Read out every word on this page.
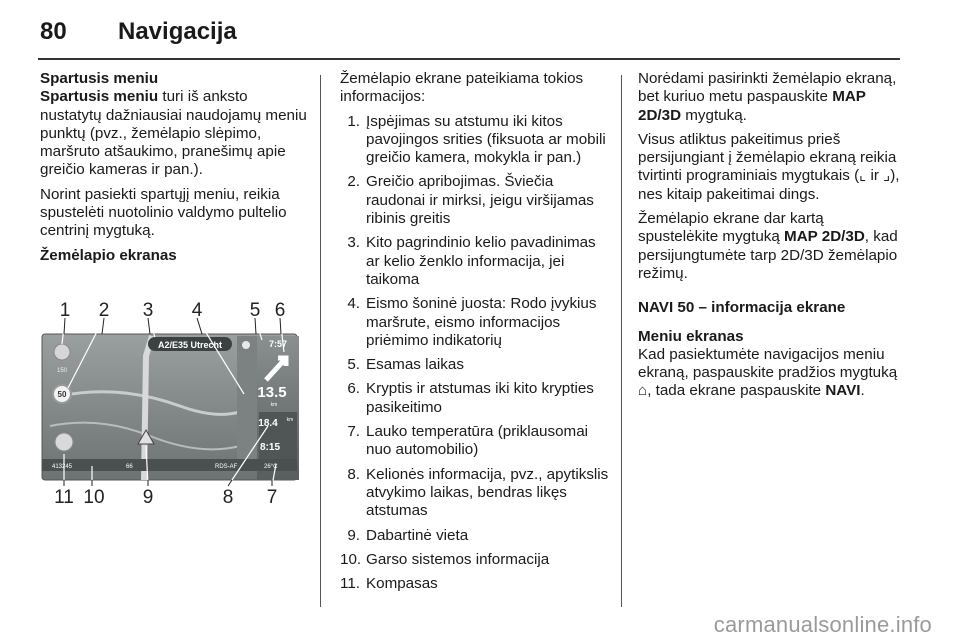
80 Navigacija

Spartusis meniu

Spartusis meniu turi iš anksto nustatytų dažniausiai naudojamų meniu punktų (pvz., žemėlapio slėpimo, maršruto atšaukimo, pranešimų apie greičio kameras ir pan.).

Norint pasiekti spartųjį meniu, reikia spustelėti nuotolinio valdymo pultelio centrinį mygtuką.

Žemėlapio ekranas

A2/E35 Utrecht	7:57
13.5
km
18.4 km
8:15
150
50
413245	66	RDS-AF	26°C
1 2 3 4 5 6
11 10 9	8 7

Žemėlapio ekrane pateikiama tokios informacijos:

1. Įspėjimas su atstumu iki kitos pavojingos srities (fiksuota ar mobili greičio kamera, mokykla ir pan.)
2. Greičio apribojimas. Šviečia raudonai ir mirksi, jeigu viršijamas ribinis greitis
3. Kito pagrindinio kelio pavadinimas ar kelio ženklo informacija, jei taikoma
4. Eismo šoninė juosta: Rodo įvykius maršrute, eismo informacijos priėmimo indikatorių
5. Esamas laikas
6. Kryptis ir atstumas iki kito krypties pasikeitimo
7. Lauko temperatūra (priklausomai nuo automobilio)
8. Kelionės informacija, pvz., apytikslis atvykimo laikas, bendras likęs atstumas
9. Dabartinė vieta
10. Garso sistemos informacija
11. Kompasas

Norėdami pasirinkti žemėlapio ekraną, bet kuriuo metu paspauskite MAP 2D/3D mygtuką.

Visus atliktus pakeitimus prieš persijungiant į žemėlapio ekraną reikia tvirtinti programiniais mygtukais (⌞ ir ⌟), nes kitaip pakeitimai dings.

Žemėlapio ekrane dar kartą spustelėkite mygtuką MAP 2D/3D, kad persijungtumėte tarp 2D/3D žemėlapio režimų.

NAVI 50 – informacija ekrane

Meniu ekranas

Kad pasiektumėte navigacijos meniu ekraną, paspauskite pradžios mygtuką ⌂, tada ekrane paspauskite NAVI.

carmanualsonline.info
